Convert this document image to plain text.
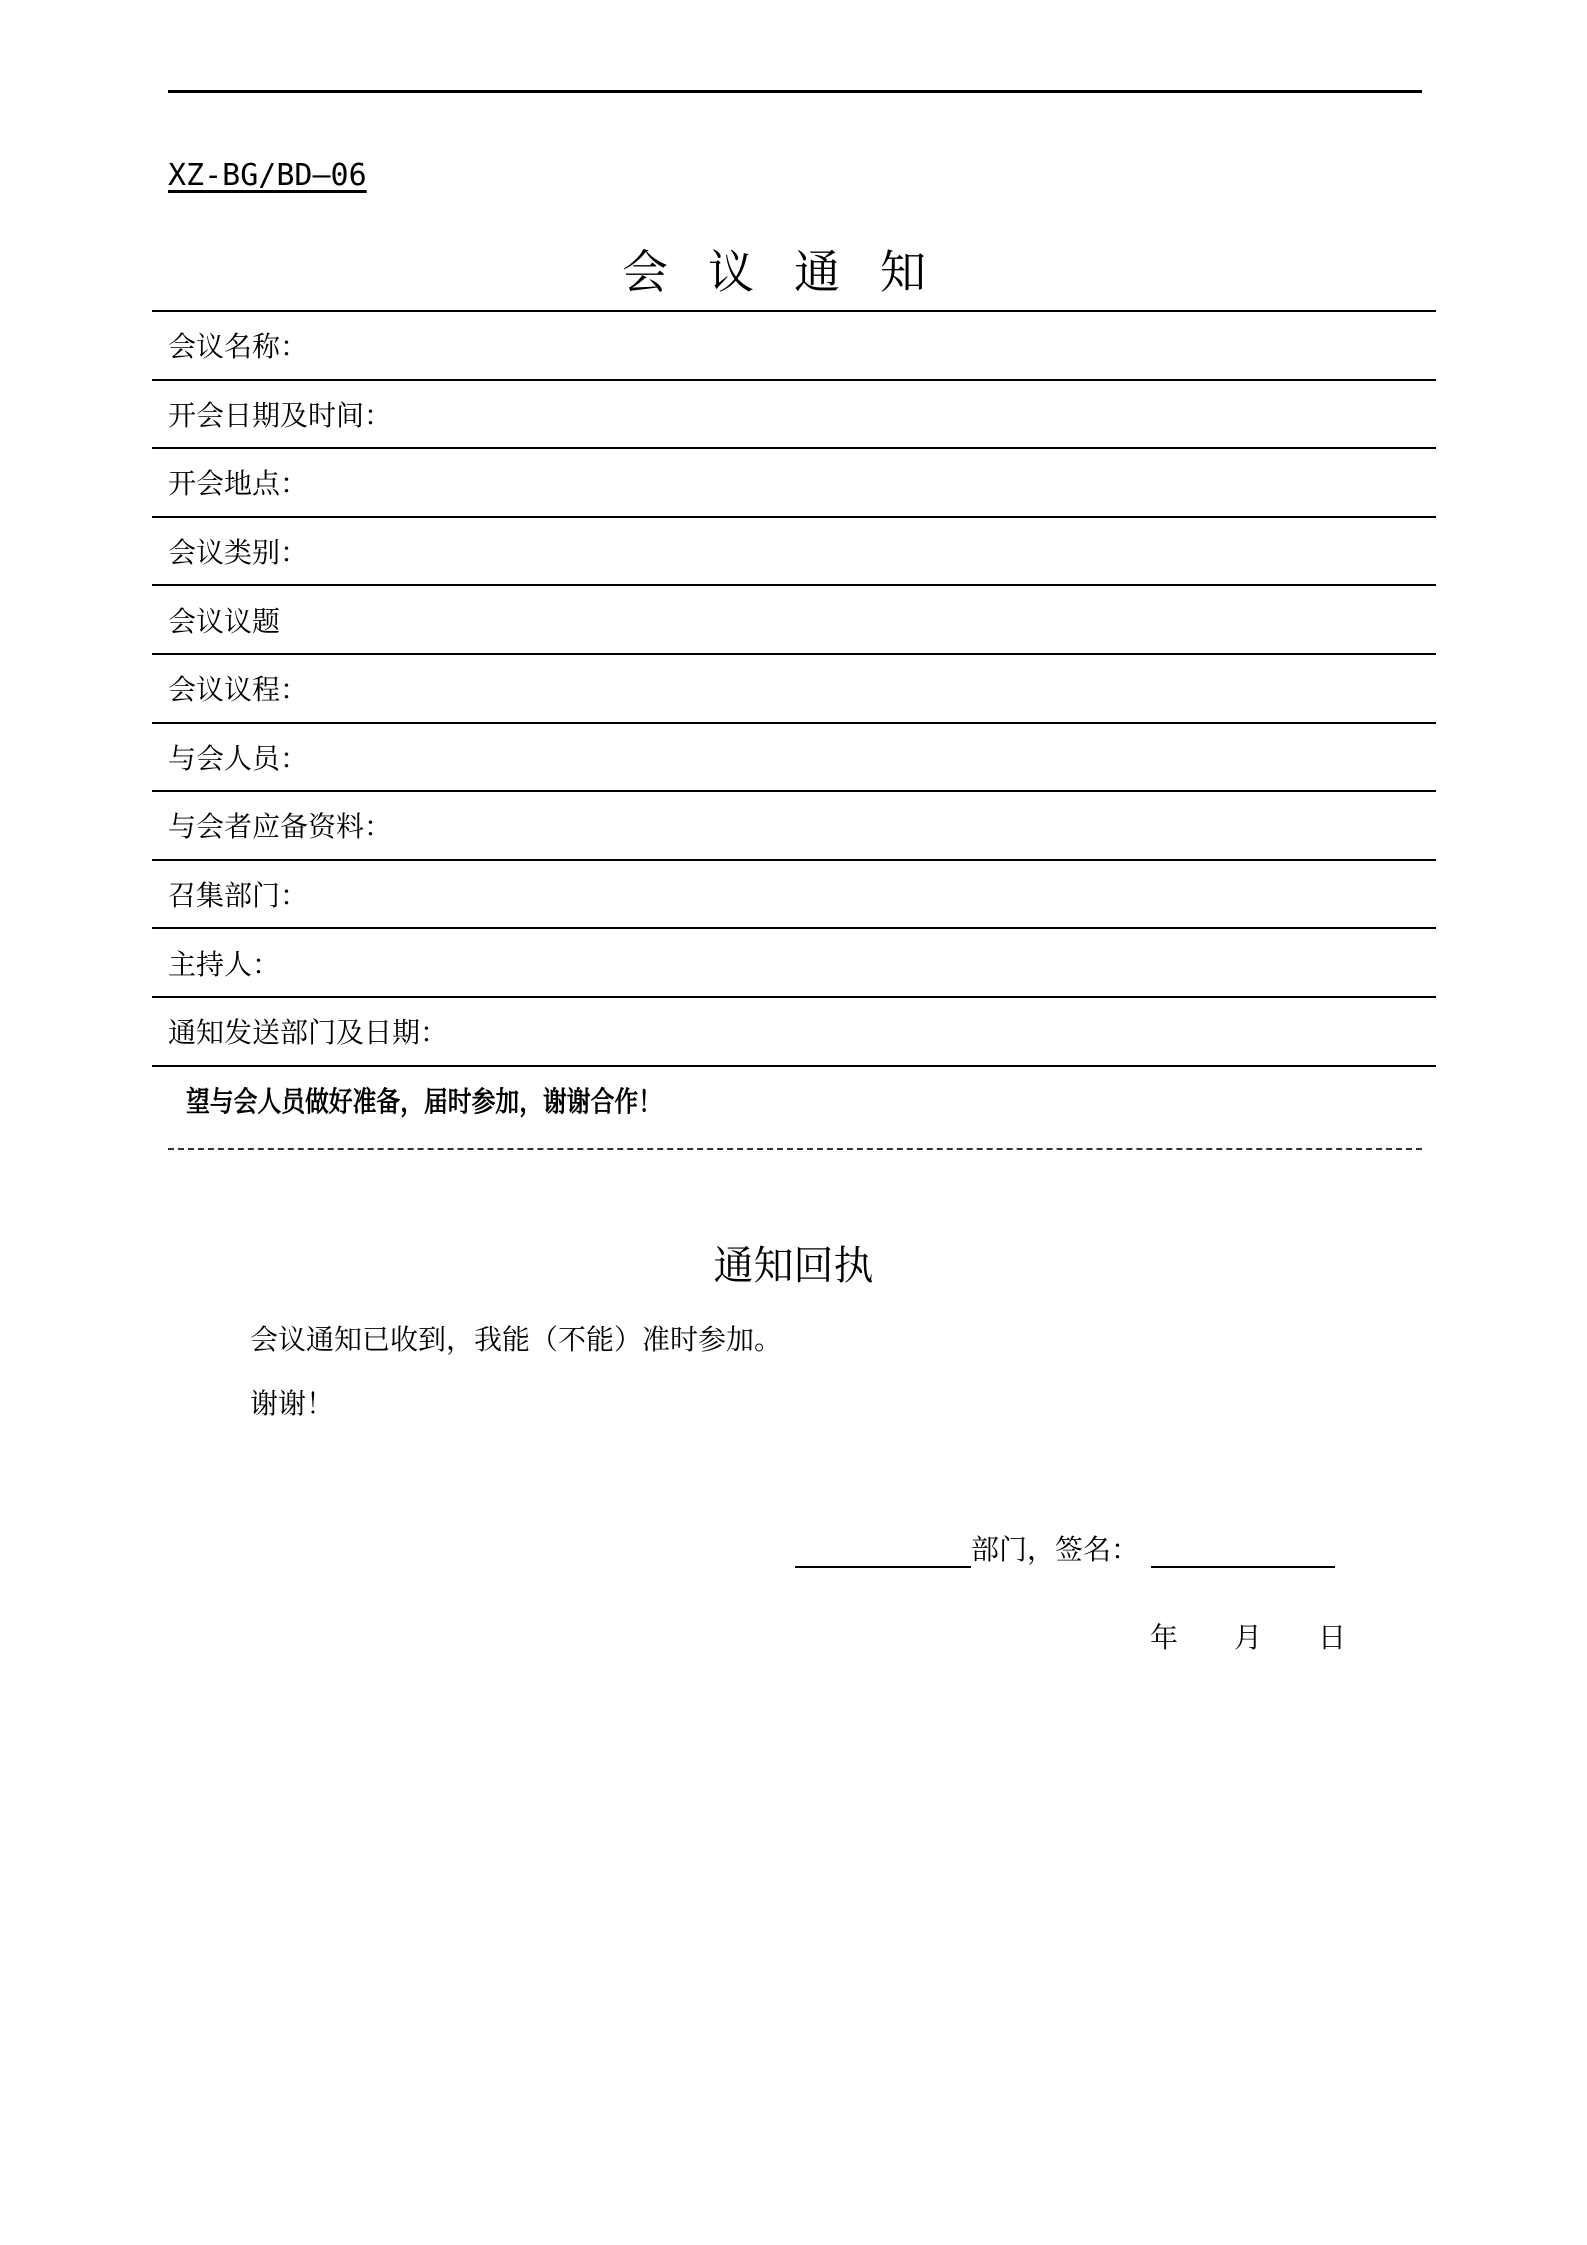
XZ-BG/BD—06
会议通知
会议名称：
开会日期及时间：
开会地点：
会议类别：
会议议题
会议议程：
与会人员：
与会者应备资料：
召集部门：
主持人：
通知发送部门及日期：
望与会人员做好准备，届时参加，谢谢合作！
通知回执
会议通知已收到，我能（不能）准时参加。
谢谢！
部门，签名：
年 月 日
